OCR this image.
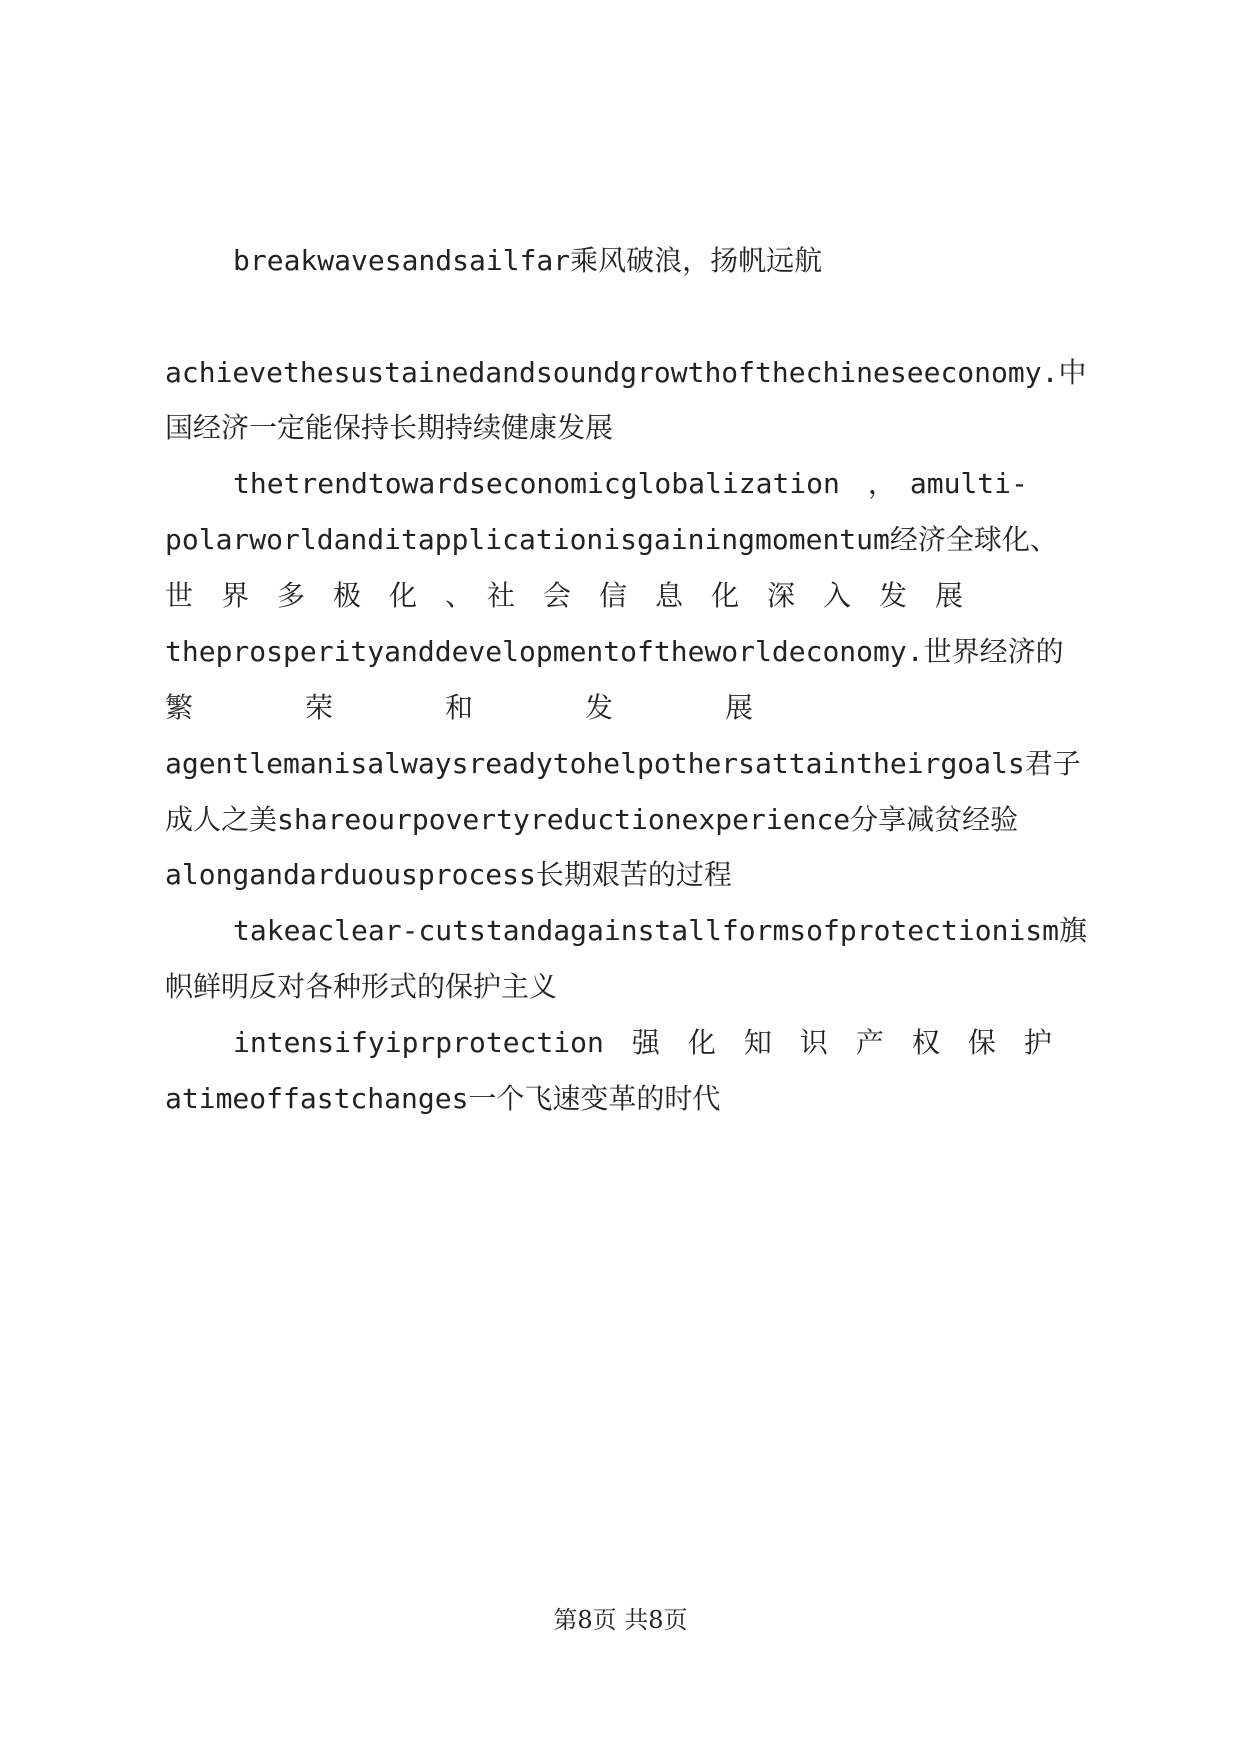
breakwavesandsailfar乘风破浪，扬帆远航
achievethesustainedandsoundgrowthofthechineseeconomy.中
国经济一定能保持长期持续健康发展
thetrendtowardseconomicglobalization　，　amulti-
polarworldanditapplicationisgainingmomentum经济全球化、
世　界　多　极　化　、　社　会　信　息　化　深　入　发　展
theprosperityanddevelopmentoftheworldeconomy.世界经济的
繁　　　　荣　　　　和　　　　发　　　　展
agentlemanisalwaysreadytohelpothersattaintheirgoals君子
成人之美shareourpovertyreductionexperience分享减贫经验
alongandarduousprocess长期艰苦的过程
takeaclear-cutstandagainstallformsofprotectionism旗
帜鲜明反对各种形式的保护主义
intensifyiprprotection　强　化　知　识　产　权　保　护
atimeoffastchanges一个飞速变革的时代
第8页 共8页
